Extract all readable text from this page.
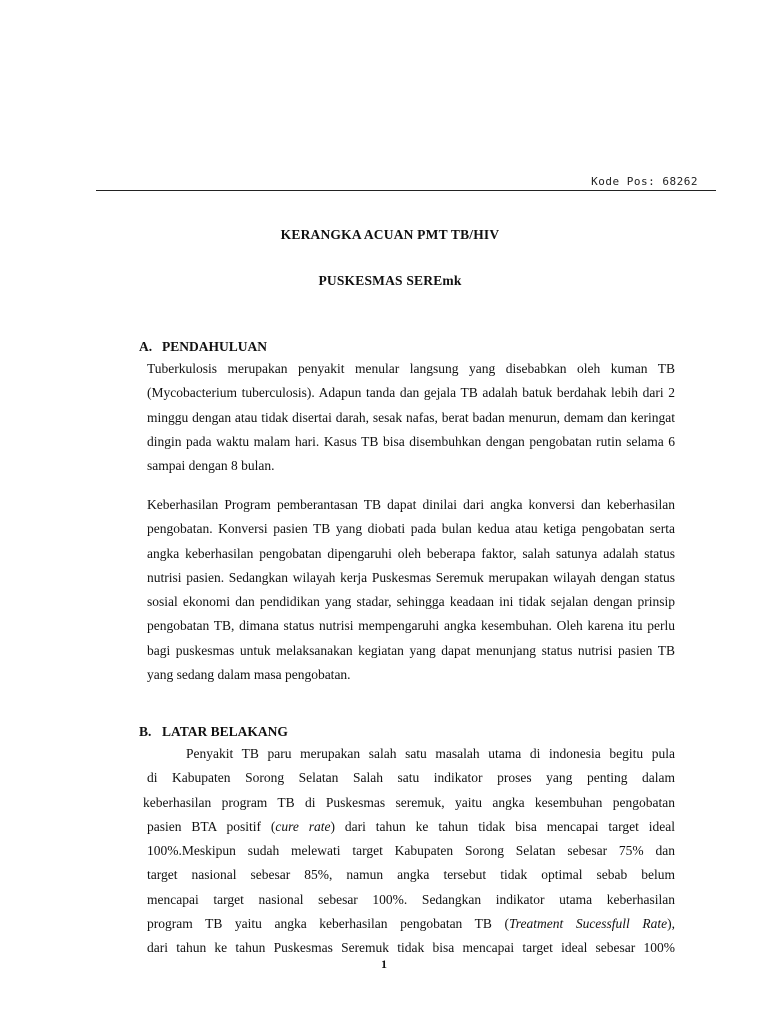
Kode Pos: 68262
KERANGKA ACUAN PMT TB/HIV
PUSKESMAS SEREmk
A. PENDAHULUAN
Tuberkulosis merupakan penyakit menular langsung yang disebabkan oleh kuman TB (Mycobacterium tuberculosis). Adapun tanda dan gejala TB adalah batuk berdahak lebih dari 2 minggu dengan atau tidak disertai darah, sesak nafas, berat badan menurun, demam dan keringat dingin pada waktu malam hari. Kasus TB bisa disembuhkan dengan pengobatan rutin selama 6 sampai dengan 8 bulan.
Keberhasilan Program pemberantasan TB dapat dinilai dari angka konversi dan keberhasilan pengobatan. Konversi pasien TB yang diobati pada bulan kedua atau ketiga pengobatan serta angka keberhasilan pengobatan dipengaruhi oleh beberapa faktor, salah satunya adalah status nutrisi pasien. Sedangkan wilayah kerja Puskesmas Seremuk merupakan wilayah dengan status sosial ekonomi dan pendidikan yang stadar, sehingga keadaan ini tidak sejalan dengan prinsip pengobatan TB, dimana status nutrisi mempengaruhi angka kesembuhan. Oleh karena itu perlu bagi puskesmas untuk melaksanakan kegiatan yang dapat menunjang status nutrisi pasien TB yang sedang dalam masa pengobatan.
B. LATAR BELAKANG
Penyakit TB paru merupakan salah satu masalah utama di indonesia begitu pula
di Kabupaten Sorong Selatan Salah satu indikator proses yang penting dalam
keberhasilan program TB di Puskesmas seremuk, yaitu angka kesembuhan pengobatan
pasien BTA positif (cure rate) dari tahun ke tahun tidak bisa mencapai target ideal
100%.Meskipun sudah melewati target Kabupaten Sorong Selatan sebesar 75% dan
target nasional sebesar 85%, namun angka tersebut tidak optimal sebab belum
mencapai target nasional sebesar 100%. Sedangkan indikator utama keberhasilan
program TB yaitu angka keberhasilan pengobatan TB (Treatment Sucessfull Rate),
dari tahun ke tahun Puskesmas Seremuk tidak bisa mencapai target ideal sebesar 100%
1
